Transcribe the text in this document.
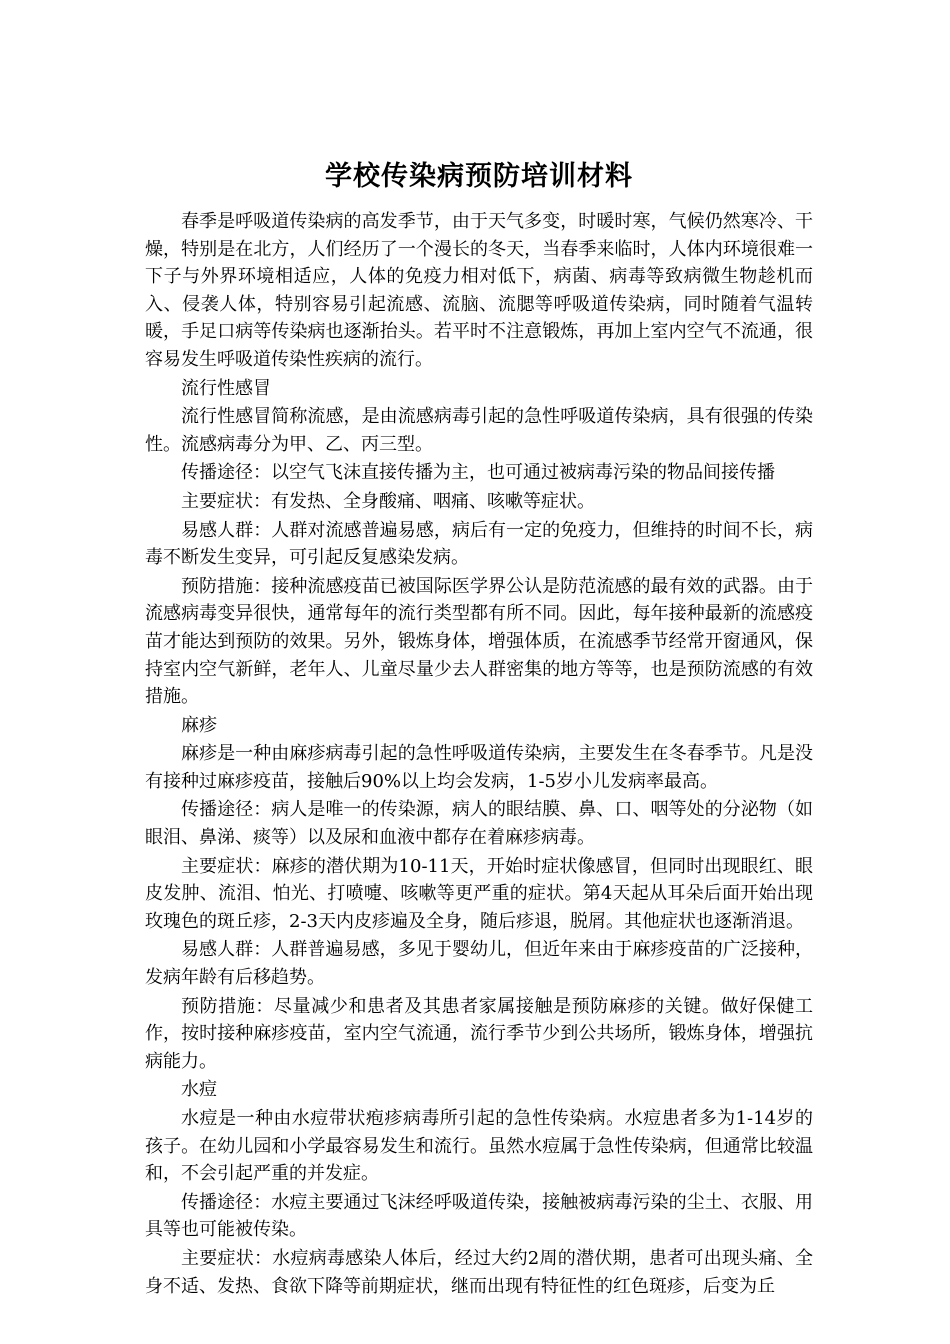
学校传染病预防培训材料

春季是呼吸道传染病的高发季节，由于天气多变，时暖时寒，气候仍然寒冷、干燥，特别是在北方，人们经历了一个漫长的冬天，当春季来临时，人体内环境很难一下子与外界环境相适应，人体的免疫力相对低下，病菌、病毒等致病微生物趁机而入、侵袭人体，特别容易引起流感、流脑、流腮等呼吸道传染病，同时随着气温转暖，手足口病等传染病也逐渐抬头。若平时不注意锻炼，再加上室内空气不流通，很容易发生呼吸道传染性疾病的流行。

流行性感冒

流行性感冒简称流感，是由流感病毒引起的急性呼吸道传染病，具有很强的传染性。流感病毒分为甲、乙、丙三型。

传播途径：以空气飞沫直接传播为主，也可通过被病毒污染的物品间接传播

主要症状：有发热、全身酸痛、咽痛、咳嗽等症状。

易感人群：人群对流感普遍易感，病后有一定的免疫力，但维持的时间不长，病毒不断发生变异，可引起反复感染发病。

预防措施：接种流感疫苗已被国际医学界公认是防范流感的最有效的武器。由于流感病毒变异很快，通常每年的流行类型都有所不同。因此，每年接种最新的流感疫苗才能达到预防的效果。另外，锻炼身体，增强体质，在流感季节经常开窗通风，保持室内空气新鲜，老年人、儿童尽量少去人群密集的地方等等，也是预防流感的有效措施。

麻疹

麻疹是一种由麻疹病毒引起的急性呼吸道传染病，主要发生在冬春季节。凡是没有接种过麻疹疫苗，接触后90%以上均会发病，1-5岁小儿发病率最高。

传播途径：病人是唯一的传染源，病人的眼结膜、鼻、口、咽等处的分泌物（如眼泪、鼻涕、痰等）以及尿和血液中都存在着麻疹病毒。

主要症状：麻疹的潜伏期为10-11天，开始时症状像感冒，但同时出现眼红、眼皮发肿、流泪、怕光、打喷嚏、咳嗽等更严重的症状。第4天起从耳朵后面开始出现玫瑰色的斑丘疹，2-3天内皮疹遍及全身，随后疹退，脱屑。其他症状也逐渐消退。

易感人群：人群普遍易感，多见于婴幼儿，但近年来由于麻疹疫苗的广泛接种，发病年龄有后移趋势。

预防措施：尽量减少和患者及其患者家属接触是预防麻疹的关键。做好保健工作，按时接种麻疹疫苗，室内空气流通，流行季节少到公共场所，锻炼身体，增强抗病能力。

水痘

水痘是一种由水痘带状疱疹病毒所引起的急性传染病。水痘患者多为1-14岁的孩子。在幼儿园和小学最容易发生和流行。虽然水痘属于急性传染病，但通常比较温和，不会引起严重的并发症。

传播途径：水痘主要通过飞沫经呼吸道传染，接触被病毒污染的尘土、衣服、用具等也可能被传染。

主要症状：水痘病毒感染人体后，经过大约2周的潜伏期，患者可出现头痛、全身不适、发热、食欲下降等前期症状，继而出现有特征性的红色斑疹，后变为丘
